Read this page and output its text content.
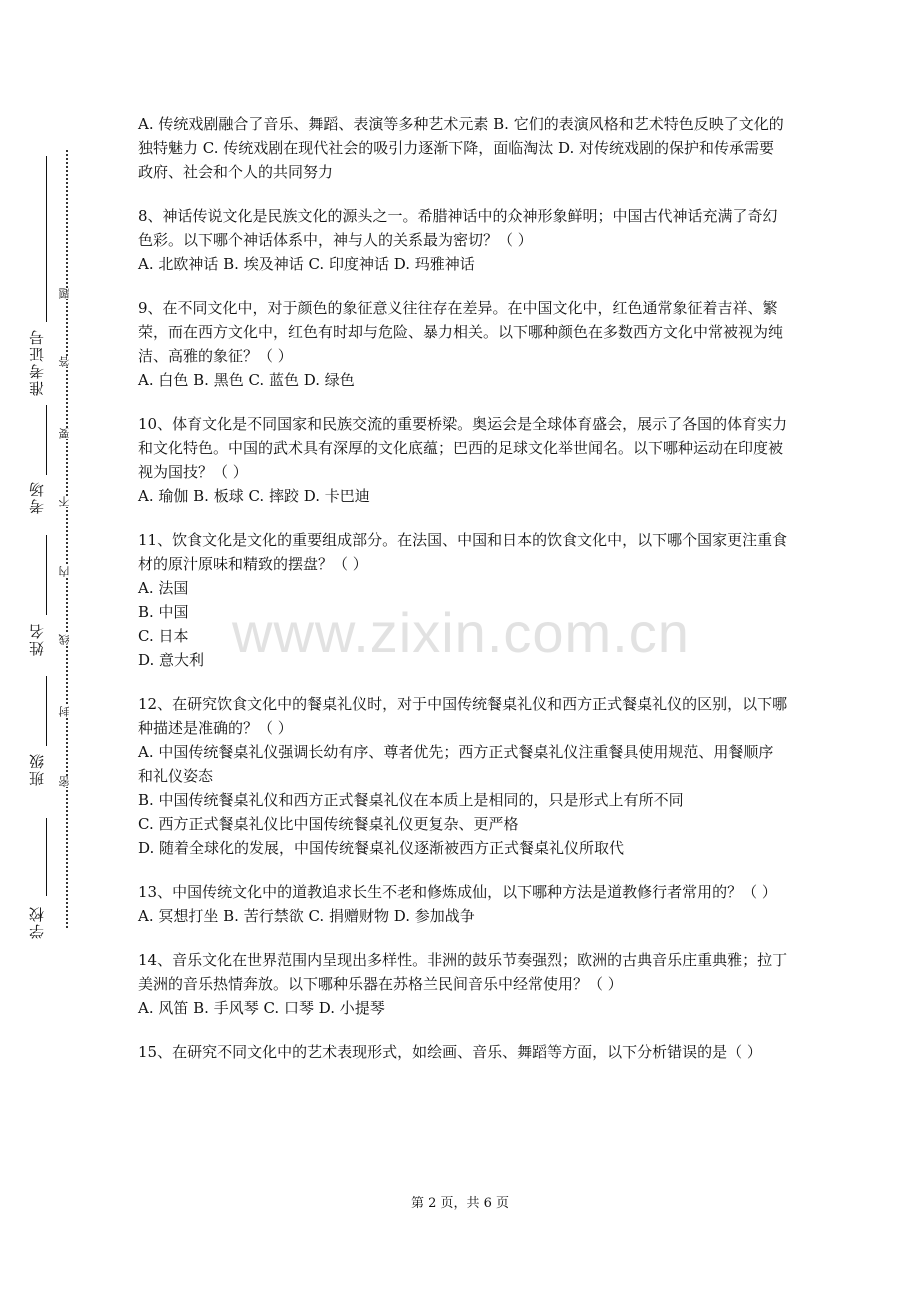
学校
班级
姓名
考场
准考证号
密
封
线
内
不
要
答
题
www.zixin.com.cn
A. 传统戏剧融合了音乐、舞蹈、表演等多种艺术元素 B. 它们的表演风格和艺术特色反映了文化的独特魅力 C. 传统戏剧在现代社会的吸引力逐渐下降，面临淘汰 D. 对传统戏剧的保护和传承需要政府、社会和个人的共同努力
8、神话传说文化是民族文化的源头之一。希腊神话中的众神形象鲜明；中国古代神话充满了奇幻色彩。以下哪个神话体系中，神与人的关系最为密切？（ ）
A. 北欧神话 B. 埃及神话 C. 印度神话 D. 玛雅神话
9、在不同文化中，对于颜色的象征意义往往存在差异。在中国文化中，红色通常象征着吉祥、繁荣，而在西方文化中，红色有时却与危险、暴力相关。以下哪种颜色在多数西方文化中常被视为纯洁、高雅的象征？（ ）
A. 白色 B. 黑色 C. 蓝色 D. 绿色
10、体育文化是不同国家和民族交流的重要桥梁。奥运会是全球体育盛会，展示了各国的体育实力和文化特色。中国的武术具有深厚的文化底蕴；巴西的足球文化举世闻名。以下哪种运动在印度被视为国技？（ ）
A. 瑜伽 B. 板球 C. 摔跤 D. 卡巴迪
11、饮食文化是文化的重要组成部分。在法国、中国和日本的饮食文化中，以下哪个国家更注重食材的原汁原味和精致的摆盘？（ ）
A. 法国
B. 中国
C. 日本
D. 意大利
12、在研究饮食文化中的餐桌礼仪时，对于中国传统餐桌礼仪和西方正式餐桌礼仪的区别，以下哪种描述是准确的？（ ）
A. 中国传统餐桌礼仪强调长幼有序、尊者优先；西方正式餐桌礼仪注重餐具使用规范、用餐顺序和礼仪姿态
B. 中国传统餐桌礼仪和西方正式餐桌礼仪在本质上是相同的，只是形式上有所不同
C. 西方正式餐桌礼仪比中国传统餐桌礼仪更复杂、更严格
D. 随着全球化的发展，中国传统餐桌礼仪逐渐被西方正式餐桌礼仪所取代
13、中国传统文化中的道教追求长生不老和修炼成仙，以下哪种方法是道教修行者常用的？（ ）
A. 冥想打坐 B. 苦行禁欲 C. 捐赠财物 D. 参加战争
14、音乐文化在世界范围内呈现出多样性。非洲的鼓乐节奏强烈；欧洲的古典音乐庄重典雅；拉丁美洲的音乐热情奔放。以下哪种乐器在苏格兰民间音乐中经常使用？（ ）
A. 风笛 B. 手风琴 C. 口琴 D. 小提琴
15、在研究不同文化中的艺术表现形式，如绘画、音乐、舞蹈等方面，以下分析错误的是（ ）
第 2 页，共 6 页
